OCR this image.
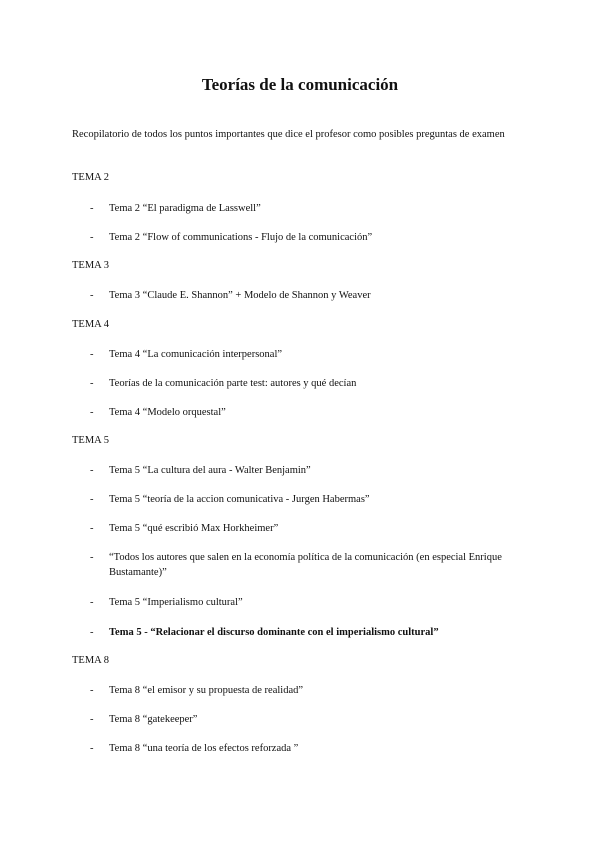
Teorías de la comunicación
Recopilatorio de todos los puntos importantes que dice el profesor como posibles preguntas de examen
TEMA 2
-	Tema 2 “El paradigma de Lasswell”
-	Tema 2 “Flow of communications - Flujo de la comunicación”
TEMA 3
-	Tema 3 “Claude E. Shannon” + Modelo de Shannon y Weaver
TEMA 4
-	Tema 4 “La comunicación interpersonal”
-	Teorías de la comunicación parte test: autores y qué decían
-	Tema 4 “Modelo orquestal”
TEMA 5
-	Tema 5 “La cultura del aura - Walter Benjamin”
-	Tema 5 “teoría de la accion comunicativa - Jurgen Habermas”
-	Tema 5 “qué escribió Max Horkheimer”
-	“Todos los autores que salen en la economía política de la comunicación (en especial Enrique Bustamante)”
-	Tema 5 “Imperialismo cultural”
-	Tema 5 - “Relacionar el discurso dominante con el imperialismo cultural”
TEMA 8
-	Tema 8 “el emisor y su propuesta de realidad”
-	Tema 8 “gatekeeper”
-	Tema 8 “una teoría de los efectos reforzada ”
